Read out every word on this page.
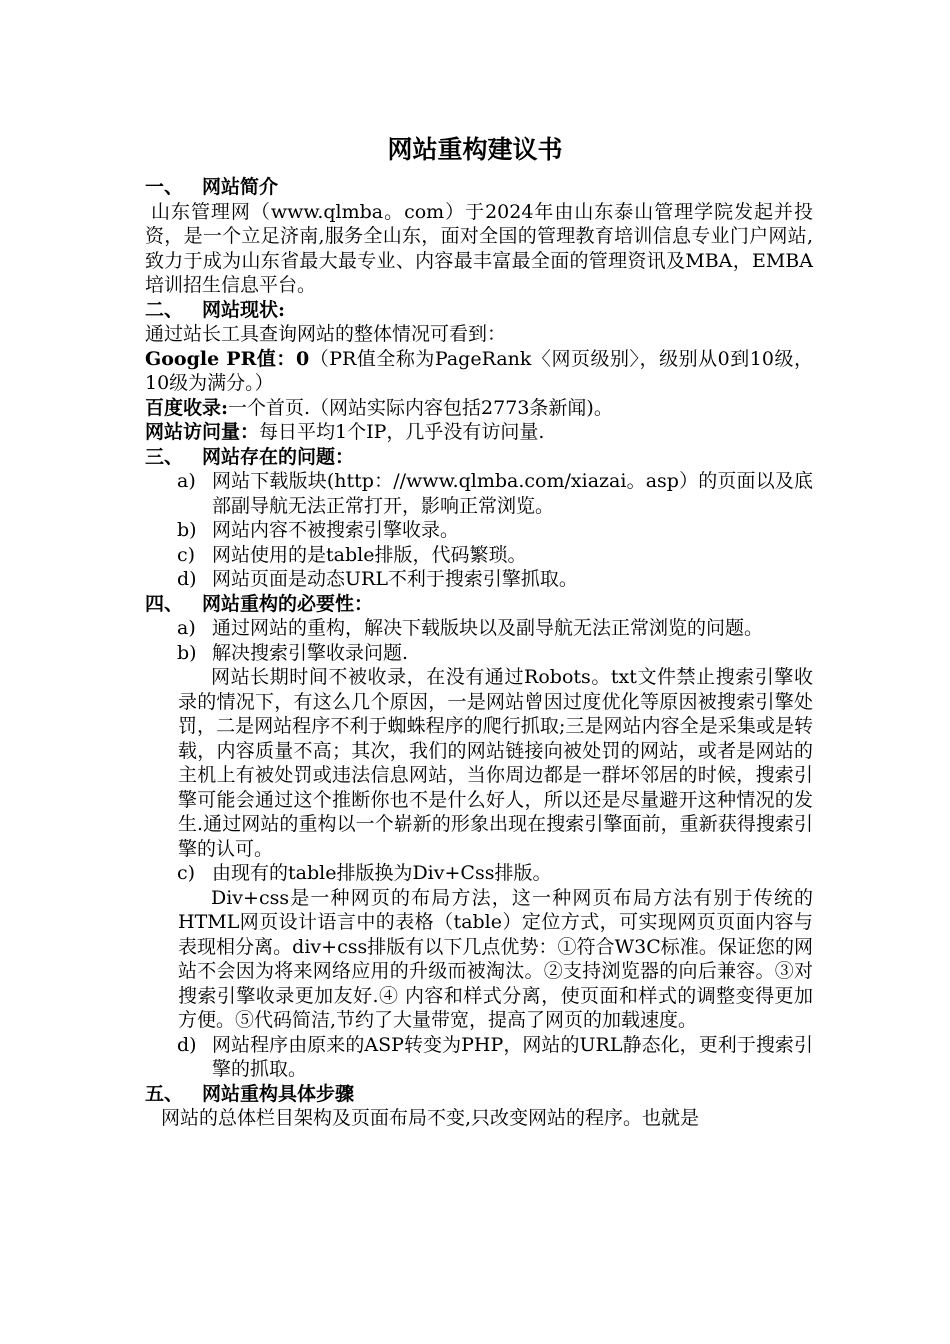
网站重构建议书
一、 网站简介

山东管理网（www.qlmba。com）于2024年由山东泰山管理学院发起并投资，是一个立足济南,服务全山东，面对全国的管理教育培训信息专业门户网站,致力于成为山东省最大最专业、内容最丰富最全面的管理资讯及MBA，EMBA培训招生信息平台。

二、 网站现状:

通过站长工具查询网站的整体情况可看到：

Google PR值：0（PR值全称为PageRank〈网页级别〉，级别从0到10级，10级为满分。）

百度收录:一个首页.（网站实际内容包括2773条新闻)。

网站访问量：每日平均1个IP，几乎没有访问量.

三、 网站存在的问题：
a) 网站下载版块(http：//www.qlmba.com/xiazai。asp）的页面以及底部副导航无法正常打开，影响正常浏览。
b) 网站内容不被搜索引擎收录。
c) 网站使用的是table排版，代码繁琐。
d) 网站页面是动态URL不利于搜索引擎抓取。
四、 网站重构的必要性：
a) 通过网站的重构，解决下载版块以及副导航无法正常浏览的问题。
b) 解决搜索引擎收录问题.

网站长期时间不被收录，在没有通过Robots。txt文件禁止搜索引擎收录的情况下，有这么几个原因，一是网站曾因过度优化等原因被搜索引擎处罚，二是网站程序不利于蜘蛛程序的爬行抓取;三是网站内容全是采集或是转载，内容质量不高；其次，我们的网站链接向被处罚的网站，或者是网站的主机上有被处罚或违法信息网站，当你周边都是一群坏邻居的时候，搜索引擎可能会通过这个推断你也不是什么好人，所以还是尽量避开这种情况的发生.通过网站的重构以一个崭新的形象出现在搜索引擎面前，重新获得搜索引擎的认可。

c) 由现有的table排版换为Div+Css排版。

Div+css是一种网页的布局方法，这一种网页布局方法有别于传统的HTML网页设计语言中的表格（table）定位方式，可实现网页页面内容与表现相分离。div+css排版有以下几点优势：①符合W3C标准。保证您的网站不会因为将来网络应用的升级而被淘汰。②支持浏览器的向后兼容。③对搜索引擎收录更加友好.④ 内容和样式分离，使页面和样式的调整变得更加方便。⑤代码简洁,节约了大量带宽，提高了网页的加载速度。

d) 网站程序由原来的ASP转变为PHP，网站的URL静态化，更利于搜索引擎的抓取。
五、 网站重构具体步骤

网站的总体栏目架构及页面布局不变,只改变网站的程序。也就是
